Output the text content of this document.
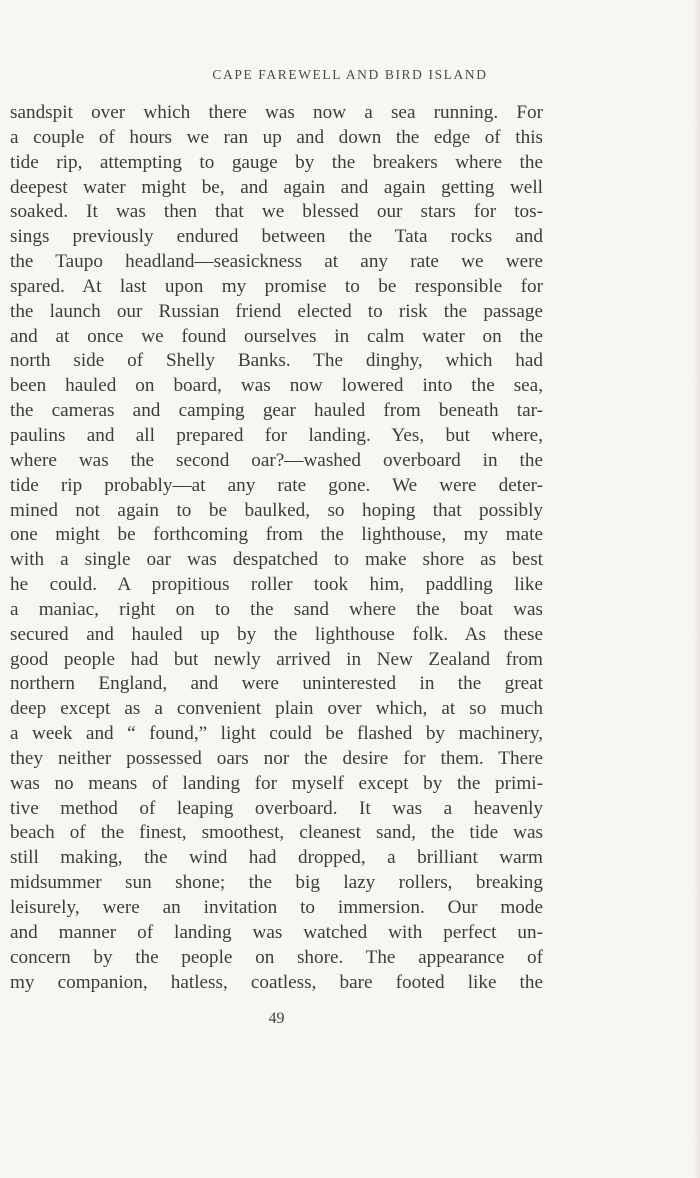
CAPE FAREWELL AND BIRD ISLAND
sandspit over which there was now a sea running. For
a couple of hours we ran up and down the edge of this
tide rip, attempting to gauge by the breakers where the
deepest water might be, and again and again getting well
soaked. It was then that we blessed our stars for tos-
sings previously endured between the Tata rocks and
the Taupo headland—seasickness at any rate we were
spared. At last upon my promise to be responsible for
the launch our Russian friend elected to risk the passage
and at once we found ourselves in calm water on the
north side of Shelly Banks. The dinghy, which had
been hauled on board, was now lowered into the sea,
the cameras and camping gear hauled from beneath tar-
paulins and all prepared for landing. Yes, but where,
where was the second oar?—washed overboard in the
tide rip probably—at any rate gone. We were deter-
mined not again to be baulked, so hoping that possibly
one might be forthcoming from the lighthouse, my mate
with a single oar was despatched to make shore as best
he could. A propitious roller took him, paddling like
a maniac, right on to the sand where the boat was
secured and hauled up by the lighthouse folk. As these
good people had but newly arrived in New Zealand from
northern England, and were uninterested in the great
deep except as a convenient plain over which, at so much
a week and “ found,” light could be flashed by machinery,
they neither possessed oars nor the desire for them. There
was no means of landing for myself except by the primi-
tive method of leaping overboard. It was a heavenly
beach of the finest, smoothest, cleanest sand, the tide was
still making, the wind had dropped, a brilliant warm
midsummer sun shone; the big lazy rollers, breaking
leisurely, were an invitation to immersion. Our mode
and manner of landing was watched with perfect un-
concern by the people on shore. The appearance of
my companion, hatless, coatless, bare footed like the
49
